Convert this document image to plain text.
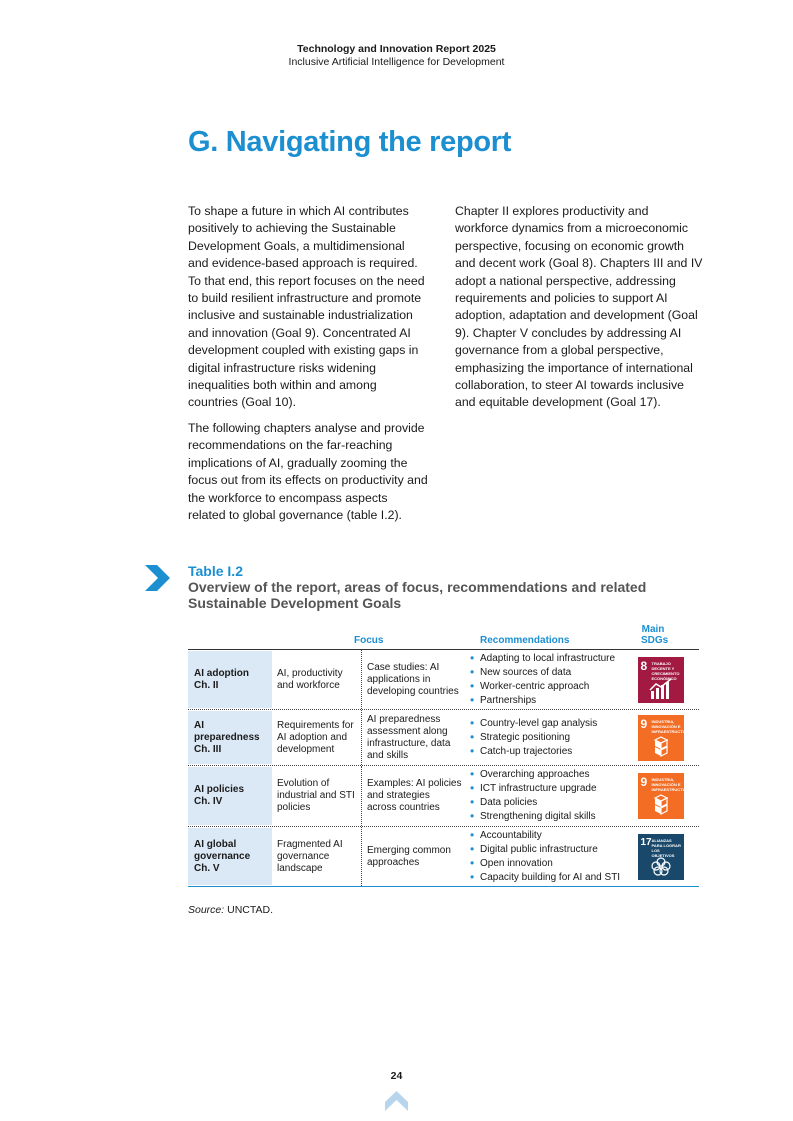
Technology and Innovation Report 2025
Inclusive Artificial Intelligence for Development
G. Navigating the report

To shape a future in which AI contributes positively to achieving the Sustainable Development Goals, a multidimensional and evidence-based approach is required. To that end, this report focuses on the need to build resilient infrastructure and promote inclusive and sustainable industrialization and innovation (Goal 9). Concentrated AI development coupled with existing gaps in digital infrastructure risks widening inequalities both within and among countries (Goal 10).

The following chapters analyse and provide recommendations on the far-reaching implications of AI, gradually zooming the focus out from its effects on productivity and the workforce to encompass aspects related to global governance (table I.2).

Chapter II explores productivity and workforce dynamics from a microeconomic perspective, focusing on economic growth and decent work (Goal 8). Chapters III and IV adopt a national perspective, addressing requirements and policies to support AI adoption, adaptation and development (Goal 9). Chapter V concludes by addressing AI governance from a global perspective, emphasizing the importance of international collaboration, to steer AI towards inclusive and equitable development (Goal 17).

Table I.2
Overview of the report, areas of focus, recommendations and related Sustainable Development Goals
Focus	Recommendations
Main
SDGs
AI adoption
Ch. II
AI, productivity and workforce
Case studies: AI applications in developing countries
• Adapting to local infrastructure
• New sources of data
• Worker-centric approach
• Partnerships
8 TRABAJO DECENTE Y CRECIMIENTO ECONÓMICO
AI preparedness
Ch. III
Requirements for AI adoption and development
AI preparedness assessment along infrastructure, data and skills
• Country-level gap analysis
• Strategic positioning
• Catch-up trajectories
9 INDUSTRIA, INNOVACIÓN E INFRAESTRUCTURA
AI policies
Ch. IV
Evolution of industrial and STI policies
Examples: AI policies and strategies across countries
• Overarching approaches
• ICT infrastructure upgrade
• Data policies
• Strengthening digital skills
9 INDUSTRIA, INNOVACIÓN E INFRAESTRUCTURA
AI global governance
Ch. V
Fragmented AI governance landscape
Emerging common approaches
• Accountability
• Digital public infrastructure
• Open innovation
• Capacity building for AI and STI
17 ALIANZAS PARA LOGRAR LOS OBJETIVOS
Source: UNCTAD.
24
